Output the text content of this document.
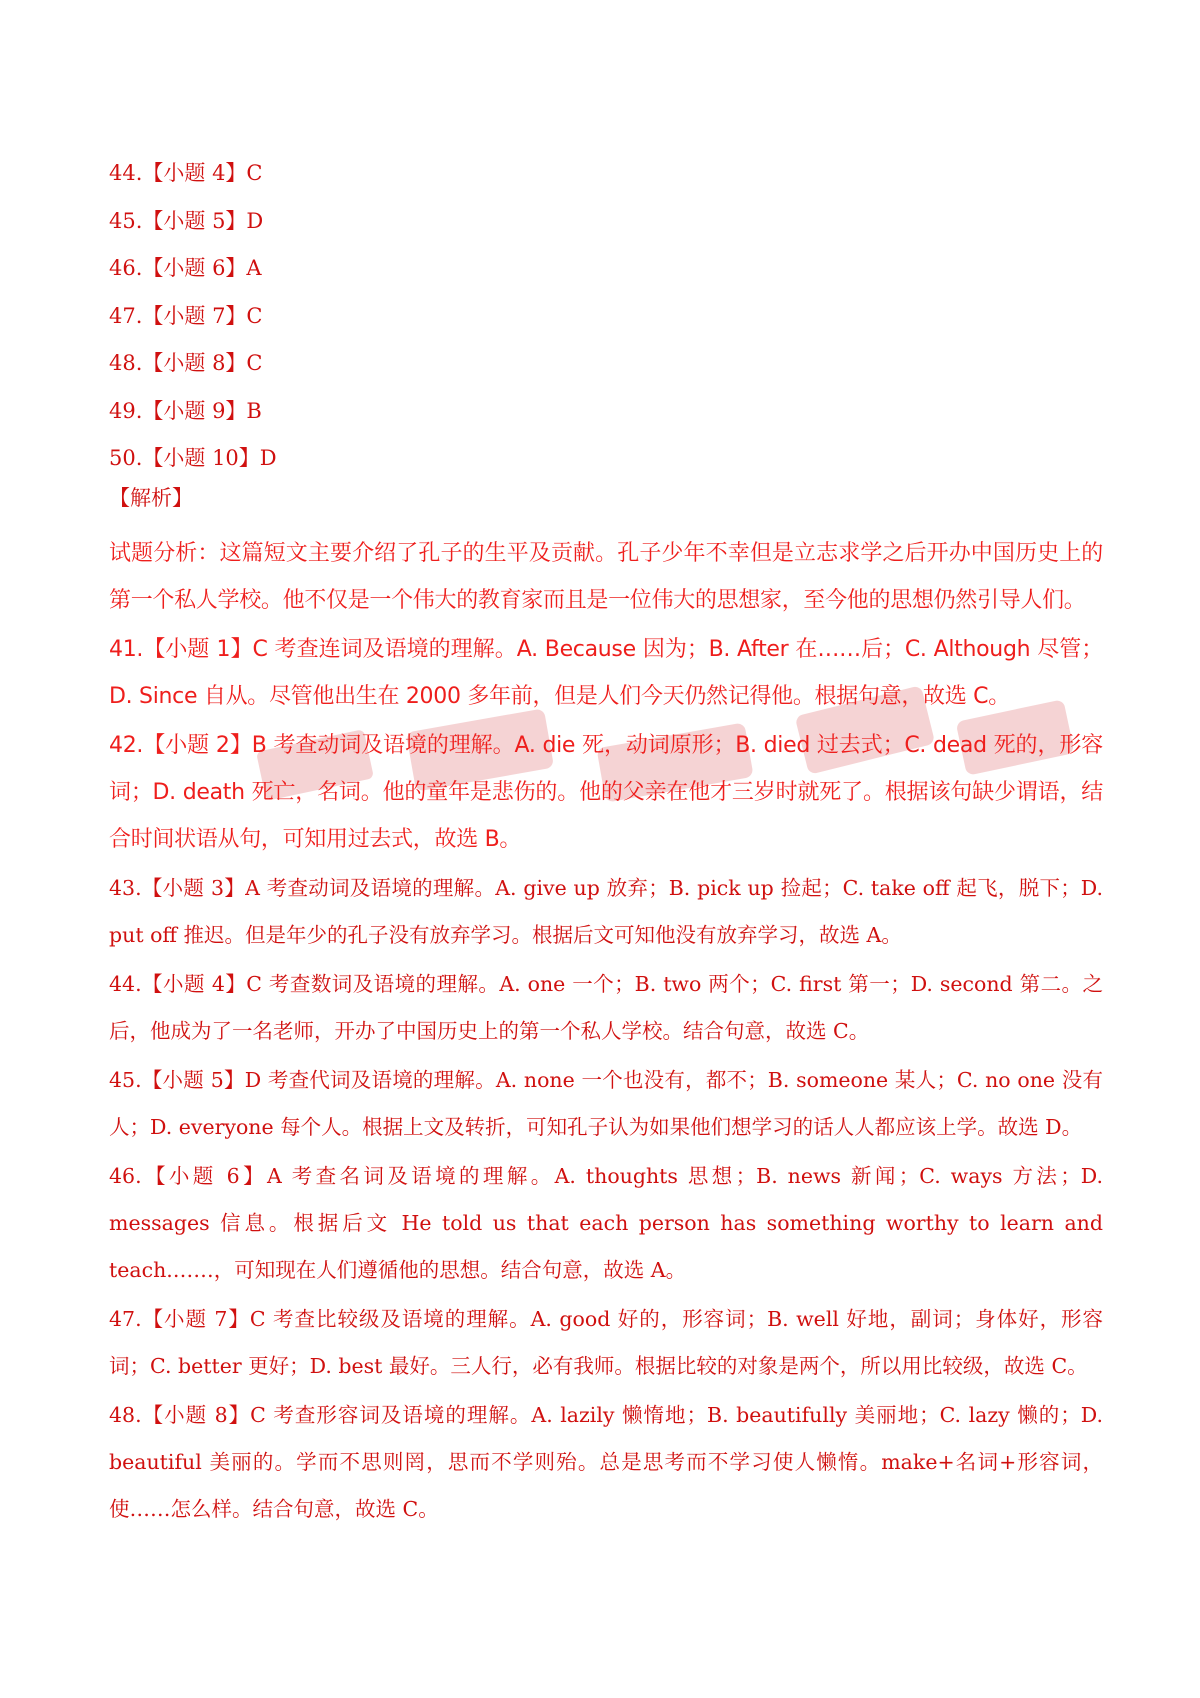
44.【小题 4】C

45.【小题 5】D

46.【小题 6】A

47.【小题 7】C

48.【小题 8】C

49.【小题 9】B

50.【小题 10】D

【解析】

试题分析：这篇短文主要介绍了孔子的生平及贡献。孔子少年不幸但是立志求学之后开办中国历史上的第一个私人学校。他不仅是一个伟大的教育家而且是一位伟大的思想家，至今他的思想仍然引导人们。

41.【小题 1】C 考查连词及语境的理解。A. Because 因为；B. After 在……后；C. Although 尽管；D. Since 自从。尽管他出生在 2000 多年前，但是人们今天仍然记得他。根据句意，故选 C。

42.【小题 2】B 考查动词及语境的理解。A. die 死，动词原形；B. died 过去式；C. dead 死的，形容词；D. death 死亡，名词。他的童年是悲伤的。他的父亲在他才三岁时就死了。根据该句缺少谓语，结合时间状语从句，可知用过去式，故选 B。

43.【小题 3】A 考查动词及语境的理解。A. give up 放弃；B. pick up 捡起；C. take off 起飞，脱下；D. put off 推迟。但是年少的孔子没有放弃学习。根据后文可知他没有放弃学习，故选 A。

44.【小题 4】C 考查数词及语境的理解。A. one 一个；B. two 两个；C. first 第一；D. second 第二。之后，他成为了一名老师，开办了中国历史上的第一个私人学校。结合句意，故选 C。

45.【小题 5】D 考查代词及语境的理解。A. none 一个也没有，都不；B. someone 某人；C. no one 没有人；D. everyone 每个人。根据上文及转折，可知孔子认为如果他们想学习的话人人都应该上学。故选 D。

46.【小题 6】A 考查名词及语境的理解。A. thoughts 思想；B. news 新闻；C. ways 方法；D. messages 信息。根据后文 He told us that each person has something worthy to learn and teach.……，可知现在人们遵循他的思想。结合句意，故选 A。

47.【小题 7】C 考查比较级及语境的理解。A. good 好的，形容词；B. well 好地，副词；身体好，形容词；C. better 更好；D. best 最好。三人行，必有我师。根据比较的对象是两个，所以用比较级，故选 C。

48.【小题 8】C 考查形容词及语境的理解。A. lazily 懒惰地；B. beautifully 美丽地；C. lazy 懒的；D. beautiful 美丽的。学而不思则罔，思而不学则殆。总是思考而不学习使人懒惰。make+名词+形容词，使……怎么样。结合句意，故选 C。
